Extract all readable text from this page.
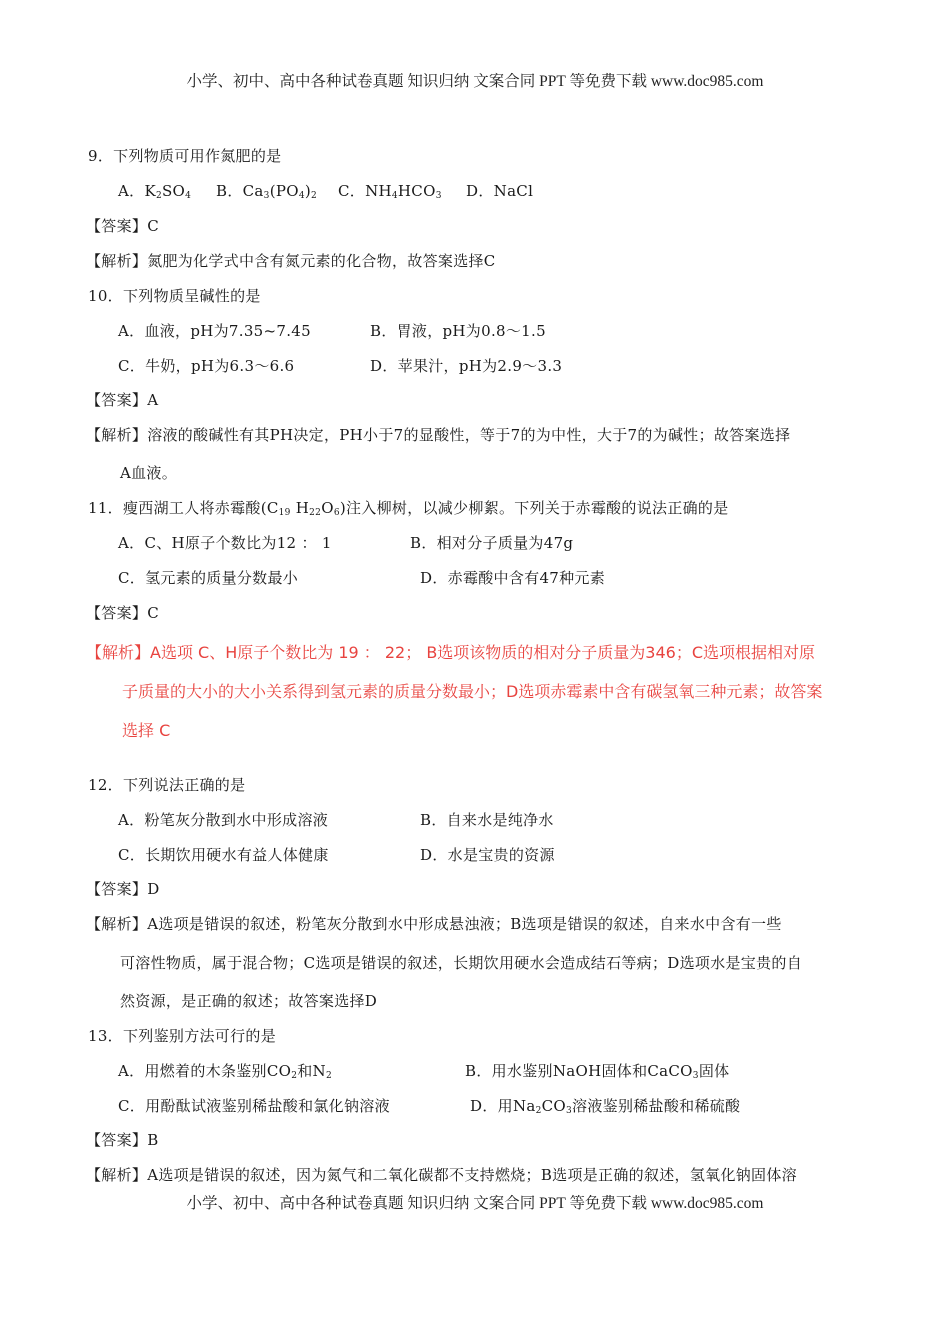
小学、初中、高中各种试卷真题 知识归纳 文案合同 PPT 等免费下载 www.doc985.com
9．下列物质可用作氮肥的是
A．$K_2SO_4$ B．$Ca_3(PO_4)_2$ C．$NH_4HCO_3$ D．NaCl
【答案】C
【解析】氮肥为化学式中含有氮元素的化合物，故答案选择C
10．下列物质呈碱性的是
A．血液，pH为7.35~7.45	B．胃液，pH为0.8～1.5
C．牛奶，pH为6.3～6.6	D．苹果汁，pH为2.9～3.3
【答案】A
【解析】溶液的酸碱性有其PH决定，PH小于7的显酸性，等于7的为中性，大于7的为碱性；故答案选择
A血液。
11．瘦西湖工人将赤霉酸($C_{19}$ $H_{22}O_6$)注入柳树，以减少柳絮。下列关于赤霉酸的说法正确的是
A．C、H原子个数比为12 ： 1	B．相对分子质量为47g
C．氢元素的质量分数最小	D．赤霉酸中含有47种元素
【答案】C
【解析】A选项 C、H原子个数比为 19 ： 22； B选项该物质的相对分子质量为346；C选项根据相对原
子质量的大小的大小关系得到氢元素的质量分数最小；D选项赤霉素中含有碳氢氧三种元素；故答案
选择 C
12．下列说法正确的是
A．粉笔灰分散到水中形成溶液	B．自来水是纯净水
C．长期饮用硬水有益人体健康	D．水是宝贵的资源
【答案】D
【解析】A选项是错误的叙述，粉笔灰分散到水中形成悬浊液；B选项是错误的叙述，自来水中含有一些
可溶性物质，属于混合物；C选项是错误的叙述，长期饮用硬水会造成结石等病；D选项水是宝贵的自
然资源，是正确的叙述；故答案选择D
13．下列鉴别方法可行的是
A．用燃着的木条鉴别$CO_2$和$N_2$	B．用水鉴别NaOH固体和CaCO$_3$固体
C．用酚酞试液鉴别稀盐酸和氯化钠溶液	D．用$Na_2CO_3$溶液鉴别稀盐酸和稀硫酸
【答案】B
【解析】A选项是错误的叙述，因为氮气和二氧化碳都不支持燃烧；B选项是正确的叙述，氢氧化钠固体溶
小学、初中、高中各种试卷真题 知识归纳 文案合同 PPT 等免费下载 www.doc985.com
